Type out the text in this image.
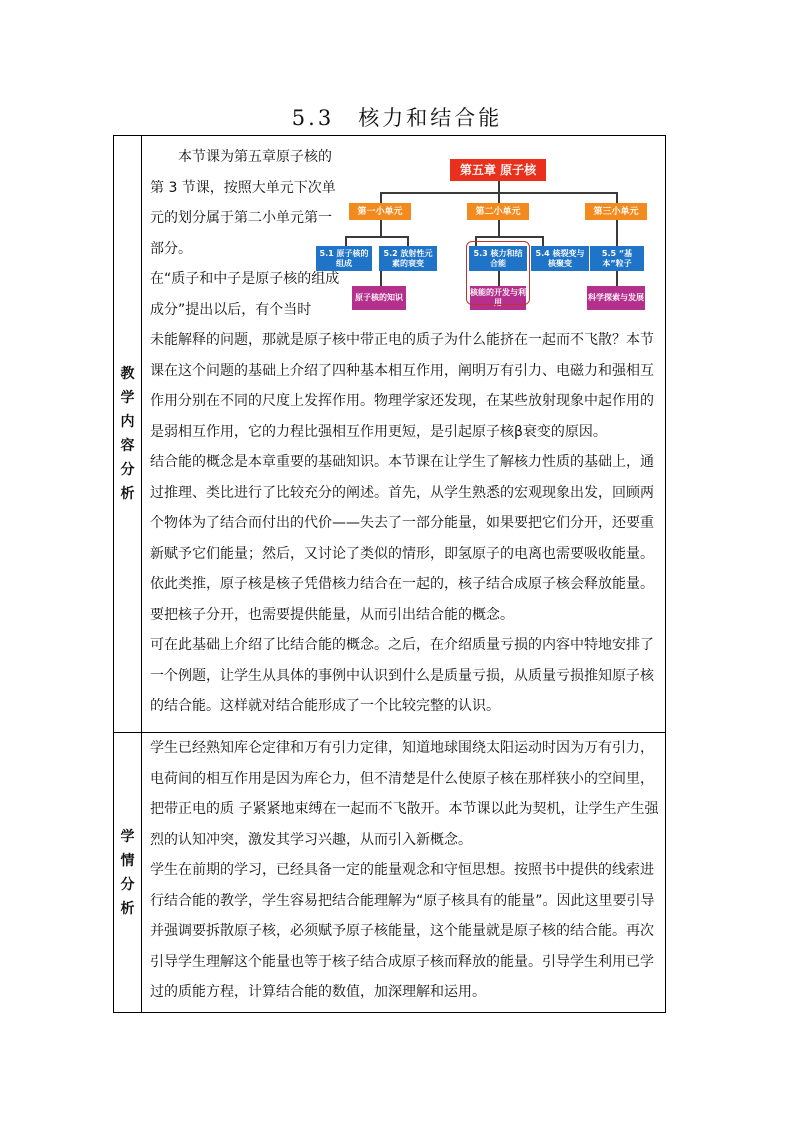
5.3　核力和结合能
教
学
内
容
分
析

本节课为第五章原子核的第 3 节课，按照大单元下次单元的划分属于第二小单元第一部分。

在“质子和中子是原子核的组成成分”提出以后，有个当时

第五章 原子核
第一小单元	第二小单元	第三小单元
5.1 原子核的组成
5.2 放射性元素的衰变
5.3 核力和结合能
5.4 核裂变与核聚变
5.5 “基本”粒子
原子核的知识
核能的开发与利用
科学探索与发展

未能解释的问题，那就是原子核中带正电的质子为什么能挤在一起而不飞散？本节课在这个问题的基础上介绍了四种基本相互作用，阐明万有引力、电磁力和强相互作用分别在不同的尺度上发挥作用。物理学家还发现，在某些放射现象中起作用的是弱相互作用，它的力程比强相互作用更短，是引起原子核β衰变的原因。

结合能的概念是本章重要的基础知识。本节课在让学生了解核力性质的基础上，通过推理、类比进行了比较充分的阐述。首先，从学生熟悉的宏观现象出发，回顾两个物体为了结合而付出的代价——失去了一部分能量，如果要把它们分开，还要重新赋予它们能量；然后，又讨论了类似的情形，即氢原子的电离也需要吸收能量。依此类推，原子核是核子凭借核力结合在一起的，核子结合成原子核会释放能量。要把核子分开，也需要提供能量，从而引出结合能的概念。

可在此基础上介绍了比结合能的概念。之后，在介绍质量亏损的内容中特地安排了一个例题，让学生从具体的事例中认识到什么是质量亏损，从质量亏损推知原子核的结合能。这样就对结合能形成了一个比较完整的认识。

学
情
分
析

学生已经熟知库仑定律和万有引力定律，知道地球围绕太阳运动时因为万有引力，电荷间的相互作用是因为库仑力，但不清楚是什么使原子核在那样狭小的空间里，把带正电的质 子紧紧地束缚在一起而不飞散开。本节课以此为契机，让学生产生强烈的认知冲突，激发其学习兴趣，从而引入新概念。

学生在前期的学习，已经具备一定的能量观念和守恒思想。按照书中提供的线索进行结合能的教学，学生容易把结合能理解为“原子核具有的能量”。因此这里要引导并强调要拆散原子核，必须赋予原子核能量，这个能量就是原子核的结合能。再次引导学生理解这个能量也等于核子结合成原子核而释放的能量。引导学生利用已学过的质能方程，计算结合能的数值，加深理解和运用。
